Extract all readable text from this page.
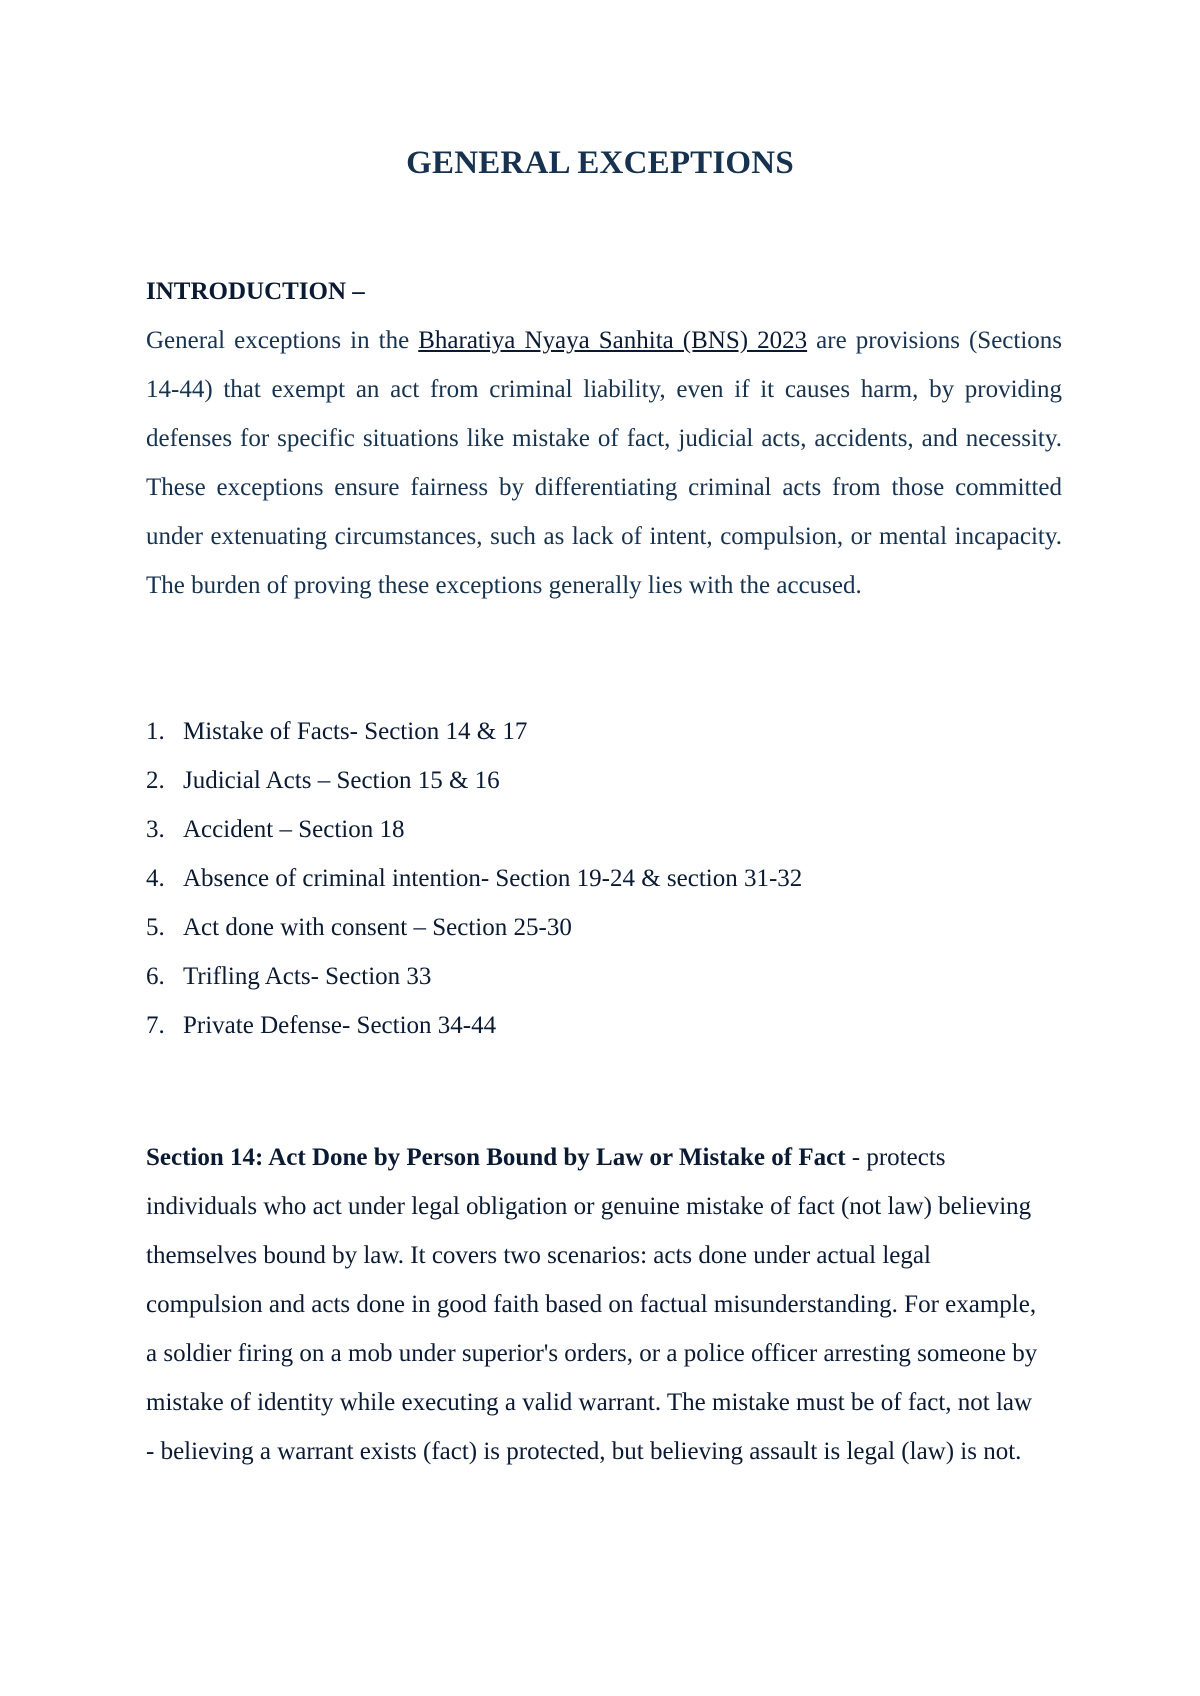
GENERAL EXCEPTIONS
INTRODUCTION –
General exceptions in the Bharatiya Nyaya Sanhita (BNS) 2023 are provisions (Sections 14-44) that exempt an act from criminal liability, even if it causes harm, by providing defenses for specific situations like mistake of fact, judicial acts, accidents, and necessity. These exceptions ensure fairness by differentiating criminal acts from those committed under extenuating circumstances, such as lack of intent, compulsion, or mental incapacity. The burden of proving these exceptions generally lies with the accused.
1. Mistake of Facts- Section 14 & 17
2. Judicial Acts – Section 15 & 16
3. Accident – Section 18
4. Absence of criminal intention- Section 19-24 & section 31-32
5. Act done with consent – Section 25-30
6. Trifling Acts- Section 33
7. Private Defense- Section 34-44
Section 14: Act Done by Person Bound by Law or Mistake of Fact - protects individuals who act under legal obligation or genuine mistake of fact (not law) believing themselves bound by law. It covers two scenarios: acts done under actual legal compulsion and acts done in good faith based on factual misunderstanding. For example, a soldier firing on a mob under superior's orders, or a police officer arresting someone by mistake of identity while executing a valid warrant. The mistake must be of fact, not law - believing a warrant exists (fact) is protected, but believing assault is legal (law) is not.
